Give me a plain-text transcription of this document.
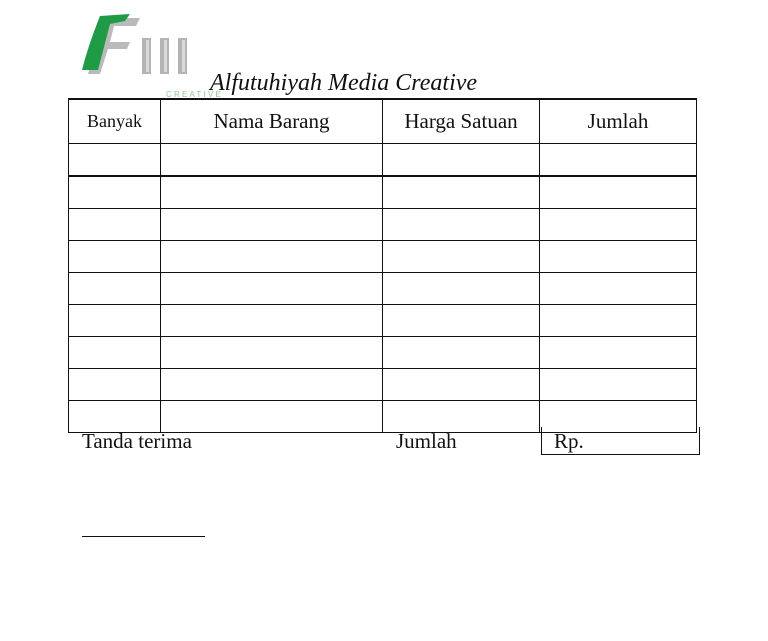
CREATIVE
Alfutuhiyah Media Creative
Banyak	Nama Barang	Harga Satuan	Jumlah

Tanda terima	Jumlah	Rp.
